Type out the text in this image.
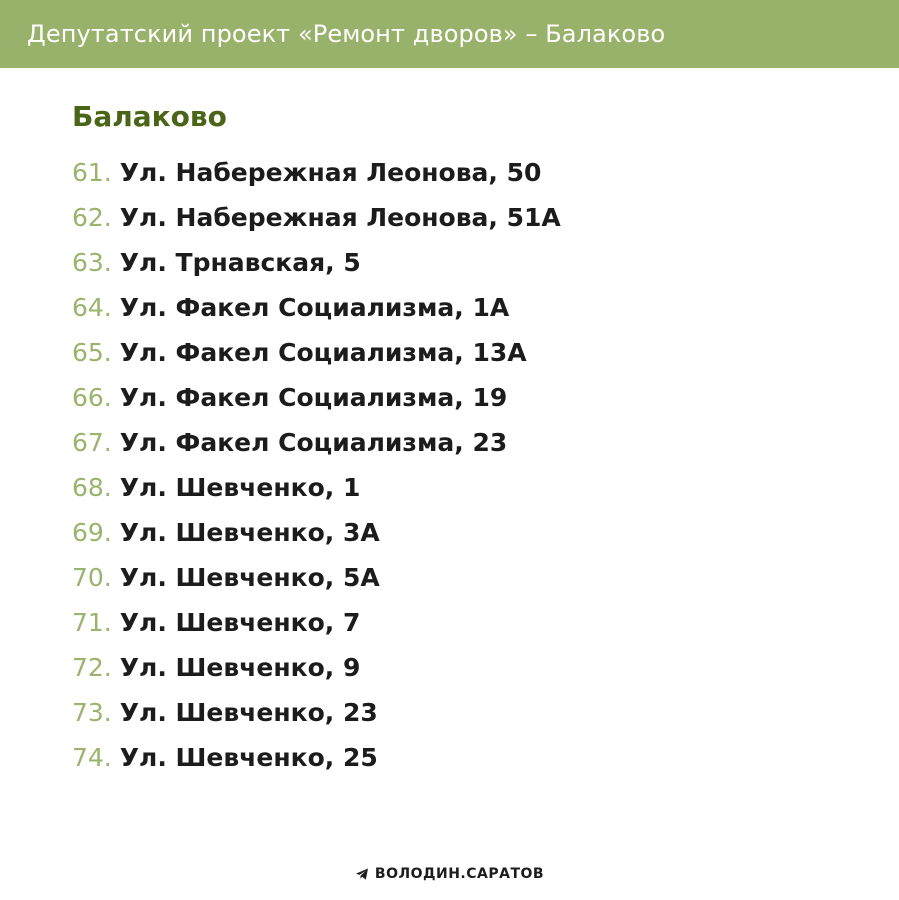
Депутатский проект «Ремонт дворов» – Балаково
Балаково
61. Ул. Набережная Леонова, 50
62. Ул. Набережная Леонова, 51А
63. Ул. Трнавская, 5
64. Ул. Факел Социализма, 1А
65. Ул. Факел Социализма, 13А
66. Ул. Факел Социализма, 19
67. Ул. Факел Социализма, 23
68. Ул. Шевченко, 1
69. Ул. Шевченко, 3А
70. Ул. Шевченко, 5А
71. Ул. Шевченко, 7
72. Ул. Шевченко, 9
73. Ул. Шевченко, 23
74. Ул. Шевченко, 25
ВОЛОДИН.САРАТОВ
